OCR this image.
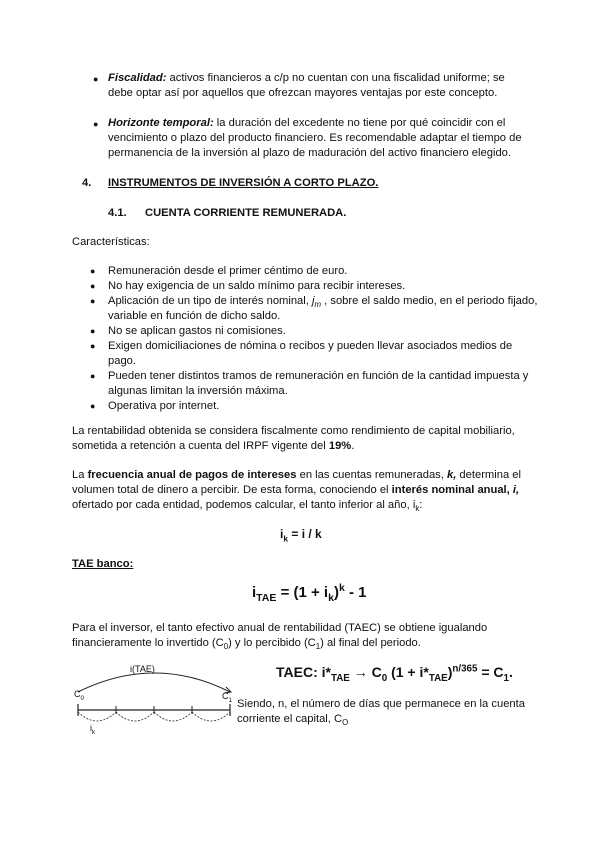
● Fiscalidad: activos financieros a c/p no cuentan con una fiscalidad uniforme; se debe optar así por aquellos que ofrezcan mayores ventajas por este concepto.
● Horizonte temporal: la duración del excedente no tiene por qué coincidir con el vencimiento o plazo del producto financiero. Es recomendable adaptar el tiempo de permanencia de la inversión al plazo de maduración del activo financiero elegido.
4. INSTRUMENTOS DE INVERSIÓN A CORTO PLAZO.
4.1. CUENTA CORRIENTE REMUNERADA.
Características:
● Remuneración desde el primer céntimo de euro.
● No hay exigencia de un saldo mínimo para recibir intereses.
● Aplicación de un tipo de interés nominal, $j_m$ , sobre el saldo medio, en el periodo fijado, variable en función de dicho saldo.
● No se aplican gastos ni comisiones.
● Exigen domiciliaciones de nómina o recibos y pueden llevar asociados medios de pago.
● Pueden tener distintos tramos de remuneración en función de la cantidad impuesta y algunas limitan la inversión máxima.
● Operativa por internet.
La rentabilidad obtenida se considera fiscalmente como rendimiento de capital mobiliario, sometida a retención a cuenta del IRPF vigente del 19%.
La frecuencia anual de pagos de intereses en las cuentas remuneradas, k, determina el volumen total de dinero a percibir. De esta forma, conociendo el interés nominal anual, i, ofertado por cada entidad, podemos calcular, el tanto inferior al año, $i_k$:
$i_k = i / k$
TAE banco:
$i_{TAE} = (1 + i_k)^k - 1$
Para el inversor, el tanto efectivo anual de rentabilidad (TAEC) se obtiene igualando financieramente lo invertido $(C_0)$ y lo percibido $(C_1)$ al final del periodo.
i(TAE)
$C_0$	$C_1$
$i_k$
TAEC: $i*_{TAE} \to C_0$ $(1 + i*_{TAE})^{n/365} = C_1$.
Siendo, n, el número de días que permanece en la cuenta corriente el capital, $C_O$
